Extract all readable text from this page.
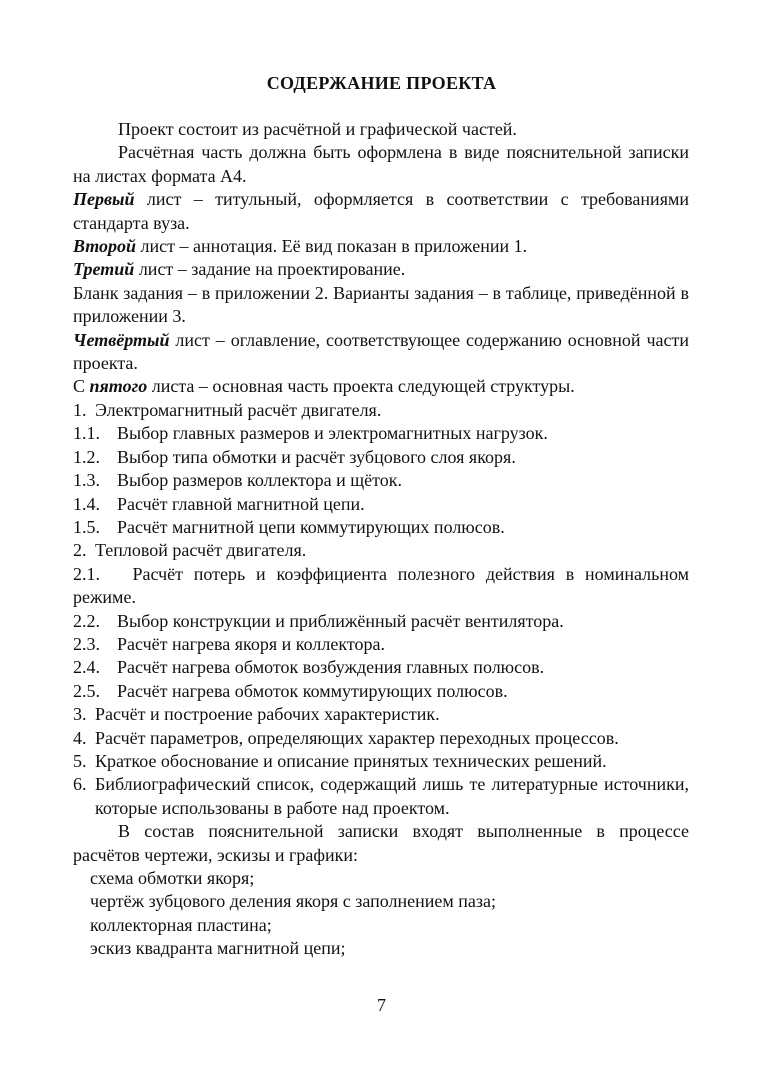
СОДЕРЖАНИЕ ПРОЕКТА

Проект состоит из расчётной и графической частей.

Расчётная часть должна быть оформлена в виде пояснительной записки на листах формата А4.

Первый лист – титульный, оформляется в соответствии с требованиями стандарта вуза.

Второй лист – аннотация. Её вид показан в приложении 1.

Третий лист – задание на проектирование.

Бланк задания – в приложении 2. Варианты задания – в таблице, приведённой в приложении 3.

Четвёртый лист – оглавление, соответствующее содержанию основной части проекта.

С пятого листа – основная часть проекта следующей структуры.

1. Электромагнитный расчёт двигателя.
1.1. Выбор главных размеров и электромагнитных нагрузок.
1.2. Выбор типа обмотки и расчёт зубцового слоя якоря.
1.3. Выбор размеров коллектора и щёток.
1.4. Расчёт главной магнитной цепи.
1.5. Расчёт магнитной цепи коммутирующих полюсов.
2. Тепловой расчёт двигателя.

2.1. Расчёт потерь и коэффициента полезного действия в номинальном режиме.

2.2. Выбор конструкции и приближённый расчёт вентилятора.
2.3. Расчёт нагрева якоря и коллектора.
2.4. Расчёт нагрева обмоток возбуждения главных полюсов.
2.5. Расчёт нагрева обмоток коммутирующих полюсов.
3. Расчёт и построение рабочих характеристик.
4. Расчёт параметров, определяющих характер переходных процессов.
5. Краткое обоснование и описание принятых технических решений.
6. Библиографический список, содержащий лишь те литературные источники, которые использованы в работе над проектом.

В состав пояснительной записки входят выполненные в процессе расчётов чертежи, эскизы и графики:

схема обмотки якоря;
чертёж зубцового деления якоря с заполнением паза;
коллекторная пластина;
эскиз квадранта магнитной цепи;
7
